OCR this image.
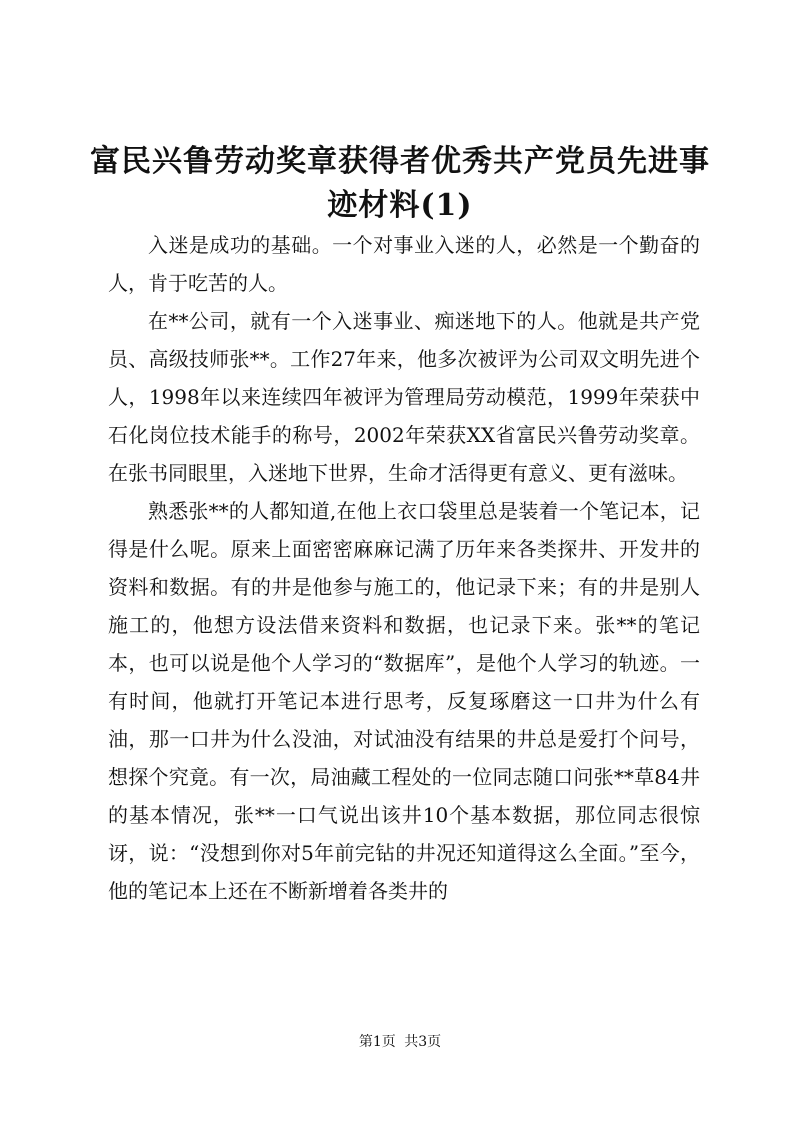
富民兴鲁劳动奖章获得者优秀共产党员先进事迹材料(1)

入迷是成功的基础。一个对事业入迷的人，必然是一个勤奋的人，肯于吃苦的人。

在**公司，就有一个入迷事业、痴迷地下的人。他就是共产党员、高级技师张**。工作27年来，他多次被评为公司双文明先进个人，1998年以来连续四年被评为管理局劳动模范，1999年荣获中石化岗位技术能手的称号，2002年荣获XX省富民兴鲁劳动奖章。在张书同眼里，入迷地下世界，生命才活得更有意义、更有滋味。

熟悉张**的人都知道,在他上衣口袋里总是装着一个笔记本，记得是什么呢。原来上面密密麻麻记满了历年来各类探井、开发井的资料和数据。有的井是他参与施工的，他记录下来；有的井是别人施工的，他想方设法借来资料和数据，也记录下来。张**的笔记本，也可以说是他个人学习的“数据库”，是他个人学习的轨迹。一有时间，他就打开笔记本进行思考，反复琢磨这一口井为什么有油，那一口井为什么没油，对试油没有结果的井总是爱打个问号，想探个究竟。有一次，局油藏工程处的一位同志随口问张**草84井的基本情况，张**一口气说出该井10个基本数据，那位同志很惊讶，说：“没想到你对5年前完钻的井况还知道得这么全面。”至今，他的笔记本上还在不断新增着各类井的

第1页 共3页
